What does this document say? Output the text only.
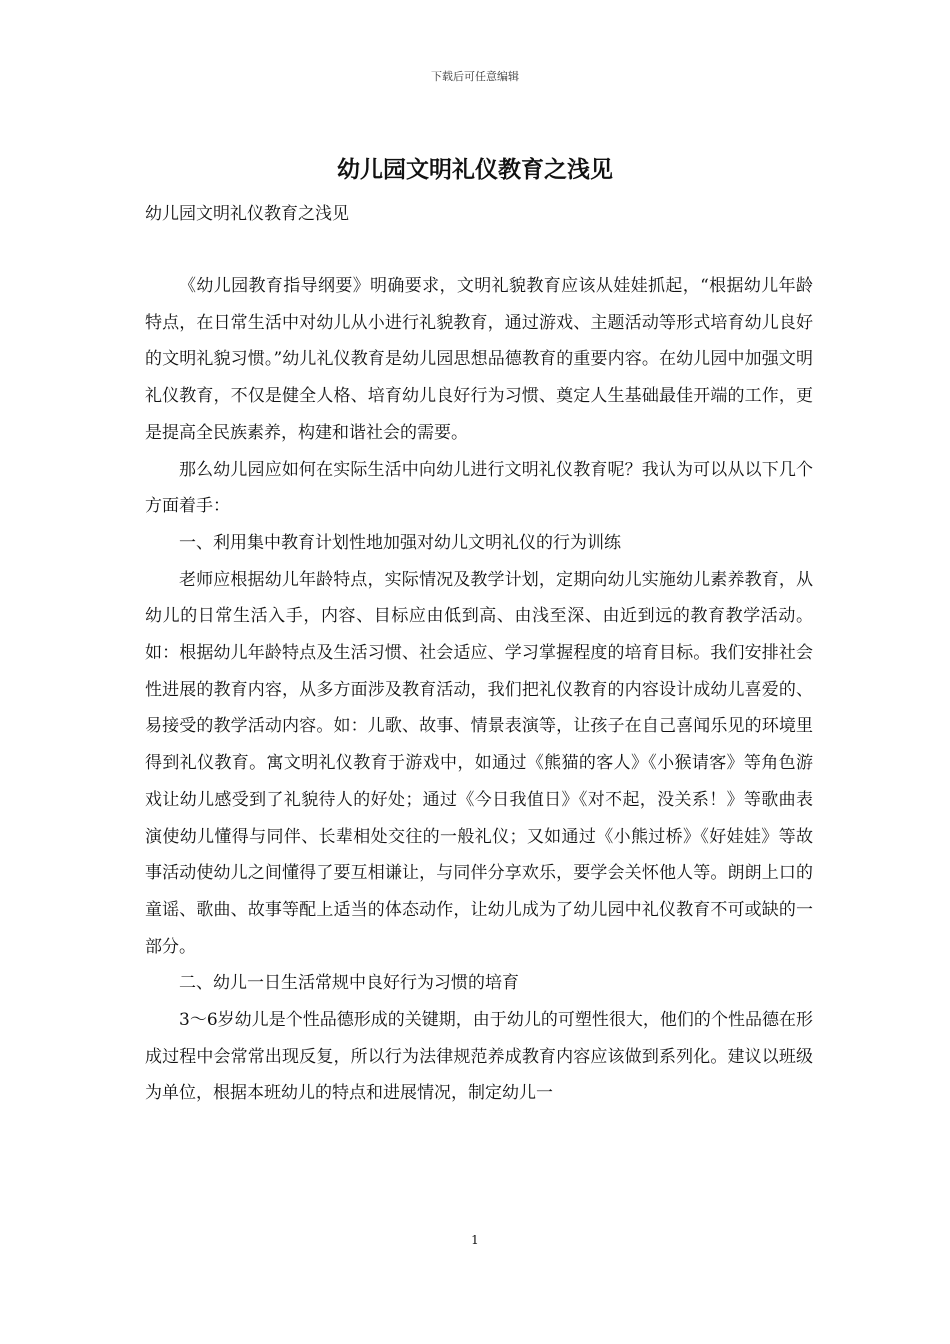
下载后可任意编辑
幼儿园文明礼仪教育之浅见

幼儿园文明礼仪教育之浅见

《幼儿园教育指导纲要》明确要求，文明礼貌教育应该从娃娃抓起，“根据幼儿年龄特点，在日常生活中对幼儿从小进行礼貌教育，通过游戏、主题活动等形式培育幼儿良好的文明礼貌习惯。”幼儿礼仪教育是幼儿园思想品德教育的重要内容。在幼儿园中加强文明礼仪教育，不仅是健全人格、培育幼儿良好行为习惯、奠定人生基础最佳开端的工作，更是提高全民族素养，构建和谐社会的需要。

那么幼儿园应如何在实际生活中向幼儿进行文明礼仪教育呢？我认为可以从以下几个方面着手：

一、利用集中教育计划性地加强对幼儿文明礼仪的行为训练

老师应根据幼儿年龄特点，实际情况及教学计划，定期向幼儿实施幼儿素养教育，从幼儿的日常生活入手，内容、目标应由低到高、由浅至深、由近到远的教育教学活动。如：根据幼儿年龄特点及生活习惯、社会适应、学习掌握程度的培育目标。我们安排社会性进展的教育内容，从多方面涉及教育活动，我们把礼仪教育的内容设计成幼儿喜爱的、易接受的教学活动内容。如：儿歌、故事、情景表演等，让孩子在自己喜闻乐见的环境里得到礼仪教育。寓文明礼仪教育于游戏中，如通过《熊猫的客人》《小猴请客》等角色游戏让幼儿感受到了礼貌待人的好处；通过《今日我值日》《对不起，没关系！》等歌曲表演使幼儿懂得与同伴、长辈相处交往的一般礼仪；又如通过《小熊过桥》《好娃娃》等故事活动使幼儿之间懂得了要互相谦让，与同伴分享欢乐，要学会关怀他人等。朗朗上口的童谣、歌曲、故事等配上适当的体态动作，让幼儿成为了幼儿园中礼仪教育不可或缺的一部分。

二、幼儿一日生活常规中良好行为习惯的培育

3～6岁幼儿是个性品德形成的关键期，由于幼儿的可塑性很大，他们的个性品德在形成过程中会常常出现反复，所以行为法律规范养成教育内容应该做到系列化。建议以班级为单位，根据本班幼儿的特点和进展情况，制定幼儿一

1
